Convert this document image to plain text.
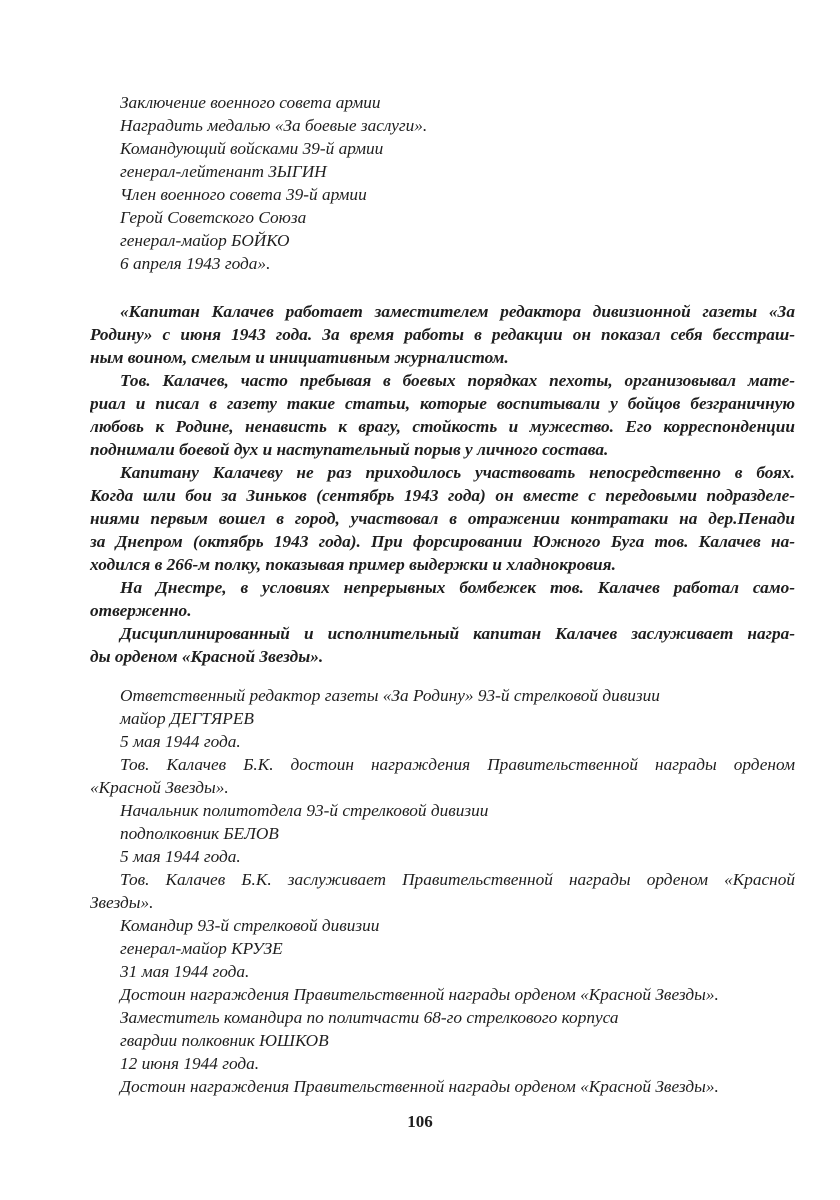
Заключение военного совета армии
Наградить медалью «За боевые заслуги».
Командующий войсками 39-й армии
генерал-лейтенант ЗЫГИН
Член военного совета 39-й армии
Герой Советского Союза
генерал-майор БОЙКО
6 апреля 1943 года».
«Капитан Калачев работает заместителем редактора дивизионной газеты «За
Родину» с июня 1943 года. За время работы в редакции он показал себя бесстраш-
ным воином, смелым и инициативным журналистом.
Тов. Калачев, часто пребывая в боевых порядках пехоты, организовывал мате-
риал и писал в газету такие статьи, которые воспитывали у бойцов безграничную
любовь к Родине, ненависть к врагу, стойкость и мужество. Его корреспонденции
поднимали боевой дух и наступательный порыв у личного состава.
Капитану Калачеву не раз приходилось участвовать непосредственно в боях.
Когда шли бои за Зиньков (сентябрь 1943 года) он вместе с передовыми подразделе-
ниями первым вошел в город, участвовал в отражении контратаки на дер.Пенади
за Днепром (октябрь 1943 года). При форсировании Южного Буга тов. Калачев на-
ходился в 266-м полку, показывая пример выдержки и хладнокровия.
На Днестре, в условиях непрерывных бомбежек тов. Калачев работал само-
отверженно.
Дисциплинированный и исполнительный капитан Калачев заслуживает награ-
ды орденом «Красной Звезды».
Ответственный редактор газеты «За Родину» 93-й стрелковой дивизии
майор ДЕГТЯРЕВ
5 мая 1944 года.
Тов. Калачев Б.К. достоин награждения Правительственной награды орденом
«Красной Звезды».
Начальник политотдела 93-й стрелковой дивизии
подполковник БЕЛОВ
5 мая 1944 года.
Тов. Калачев Б.К. заслуживает Правительственной награды орденом «Красной
Звезды».
Командир 93-й стрелковой дивизии
генерал-майор КРУЗЕ
31 мая 1944 года.
Достоин награждения Правительственной награды орденом «Красной Звезды».
Заместитель командира по политчасти 68-го стрелкового корпуса
гвардии полковник ЮШКОВ
12 июня 1944 года.
Достоин награждения Правительственной награды орденом «Красной Звезды».
106
